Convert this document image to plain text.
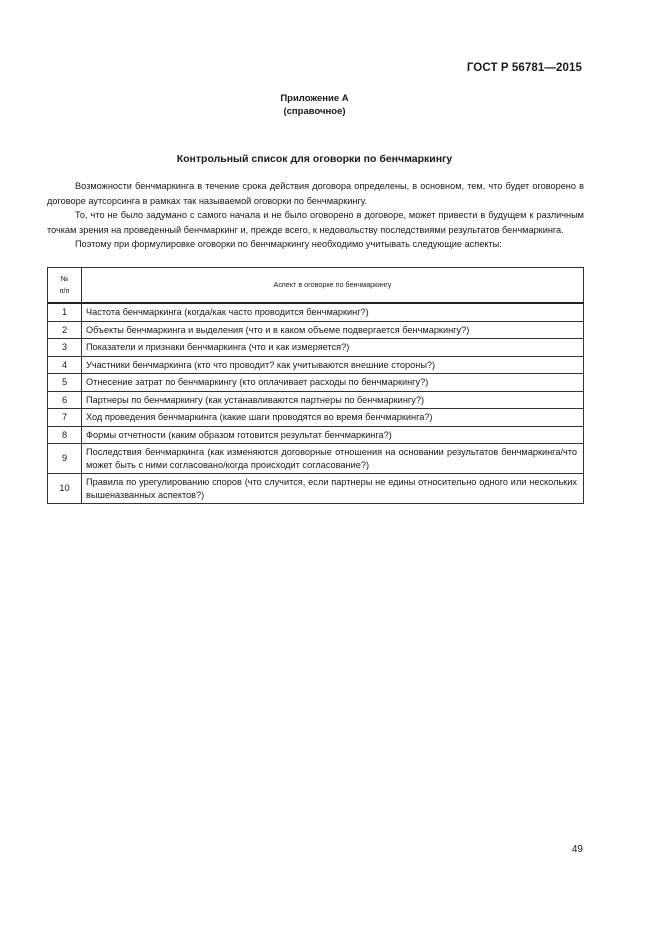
ГОСТ Р 56781—2015
Приложение А
(справочное)
Контрольный список для оговорки по бенчмаркингу

Возможности бенчмаркинга в течение срока действия договора определены, в основном, тем, что будет оговорено в договоре аутсорсинга в рамках так называемой оговорки по бенчмаркингу.

То, что не было задумано с самого начала и не было оговорено в договоре, может привести в будущем к различным точкам зрения на проведенный бенчмаркинг и, прежде всего, к недовольству последствиями результатов бенчмаркинга.

Поэтому при формулировке оговорки по бенчмаркингу необходимо учитывать следующие аспекты:

№
п/п	Аспект в оговорке по бенчмаркингу
1	Частота бенчмаркинга (когда/как часто проводится бенчмаркинг?)
2	Объекты бенчмаркинга и выделения (что и в каком объеме подвергается бенчмаркингу?)
3	Показатели и признаки бенчмаркинга (что и как измеряется?)
4	Участники бенчмаркинга (кто что проводит? как учитываются внешние стороны?)
5	Отнесение затрат по бенчмаркингу (кто оплачивает расходы по бенчмаркингу?)
6	Партнеры по бенчмаркингу (как устанавливаются партнеры по бенчмаркингу?)
7	Ход проведения бенчмаркинга (какие шаги проводятся во время бенчмаркинга?)
8	Формы отчетности (каким образом готовится результат бенчмаркинга?)
9	Последствия бенчмаркинга (как изменяются договорные отношения на основании результатов бенчмаркинга/что может быть с ними согласовано/когда происходит согласование?)
10	Правила по урегулированию споров (что случится, если партнеры не едины относительно одного или нескольких вышеназванных аспектов?)
49
